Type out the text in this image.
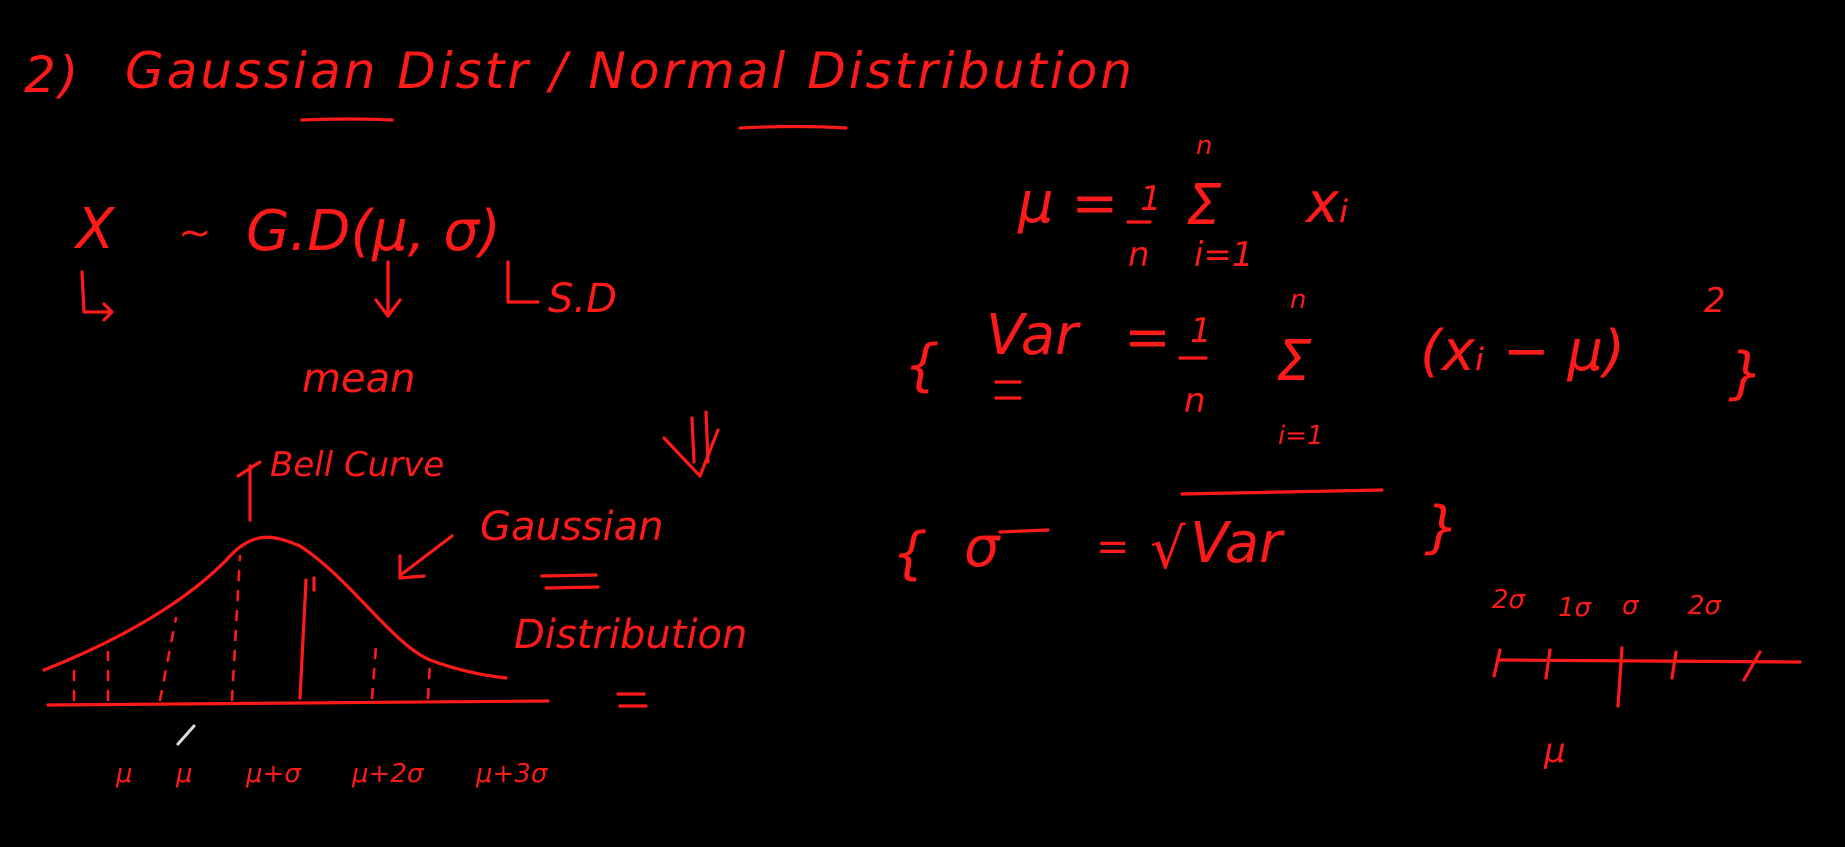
2) Gaussian Distr / Normal Distribution
X ~ G.D(μ, σ)
mean
S.D
Bell Curve
μ μ μ+σ μ+2σ μ+3σ
Gaussian
Distribution
μ = 1
n
Σ
n
i=1
xᵢ
{ Var = 1
n
Σ
n
i=1
(xᵢ − μ)
2
}
{ σ = √ Var	}
2σ 1σ σ 2σ
μ
